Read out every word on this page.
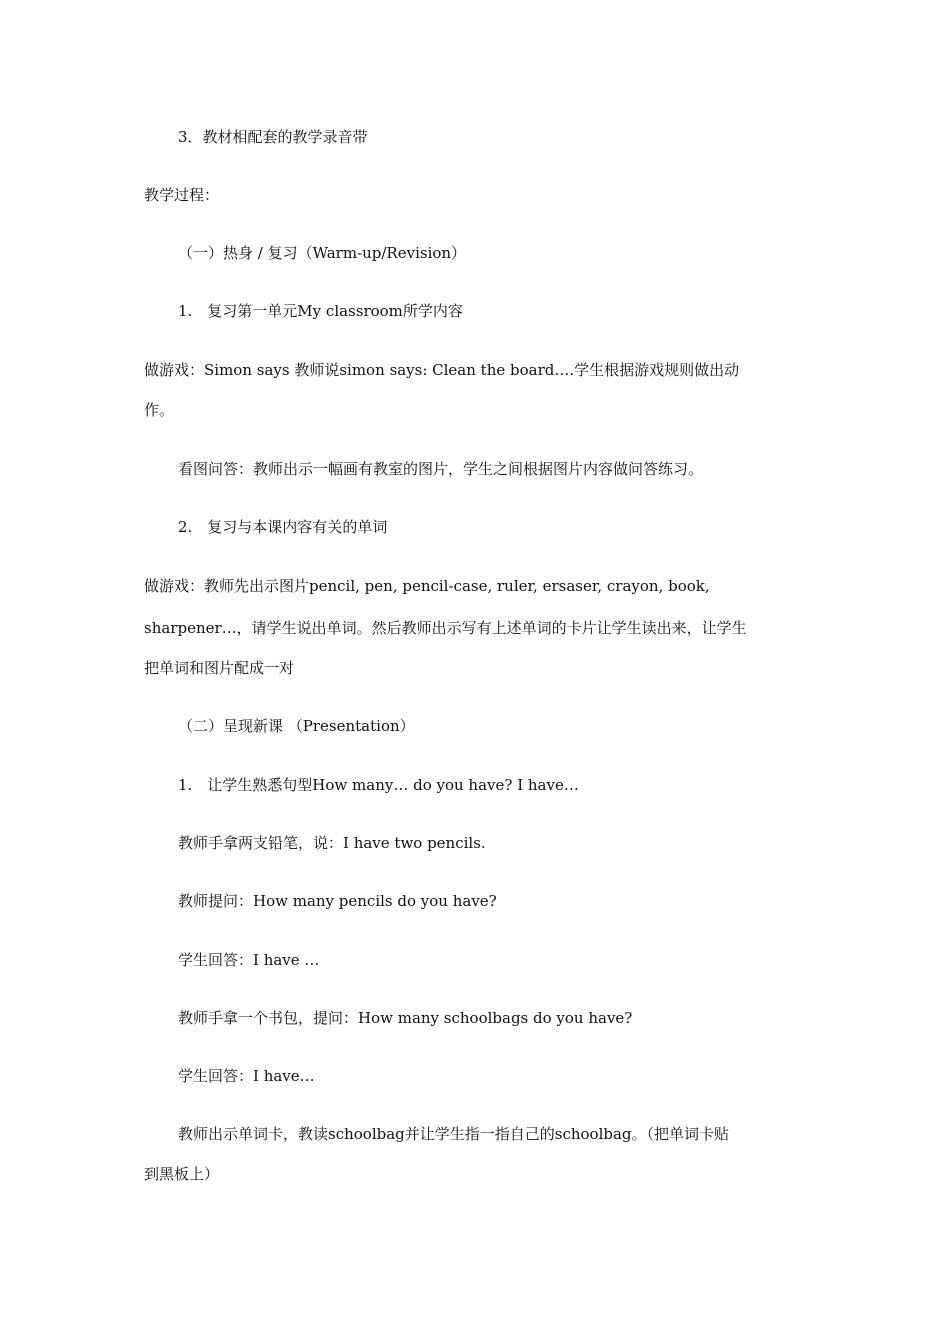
3．教材相配套的教学录音带
教学过程：
（一）热身 / 复习（Warm-up/Revision）
1.　复习第一单元My classroom所学内容
做游戏：Simon says 教师说simon says: Clean the board….学生根据游戏规则做出动
作。
看图问答：教师出示一幅画有教室的图片，学生之间根据图片内容做问答练习。
2.　复习与本课内容有关的单词
做游戏：教师先出示图片pencil, pen, pencil-case, ruler, ersaser, crayon, book,
sharpener…，请学生说出单词。然后教师出示写有上述单词的卡片让学生读出来，让学生
把单词和图片配成一对
（二）呈现新课 （Presentation）
1.　让学生熟悉句型How many… do you have? I have…
教师手拿两支铅笔，说：I have two pencils.
教师提问：How many pencils do you have?
学生回答：I have …
教师手拿一个书包，提问：How many schoolbags do you have?
学生回答：I have…
教师出示单词卡，教读schoolbag并让学生指一指自己的schoolbag。（把单词卡贴
到黑板上）
